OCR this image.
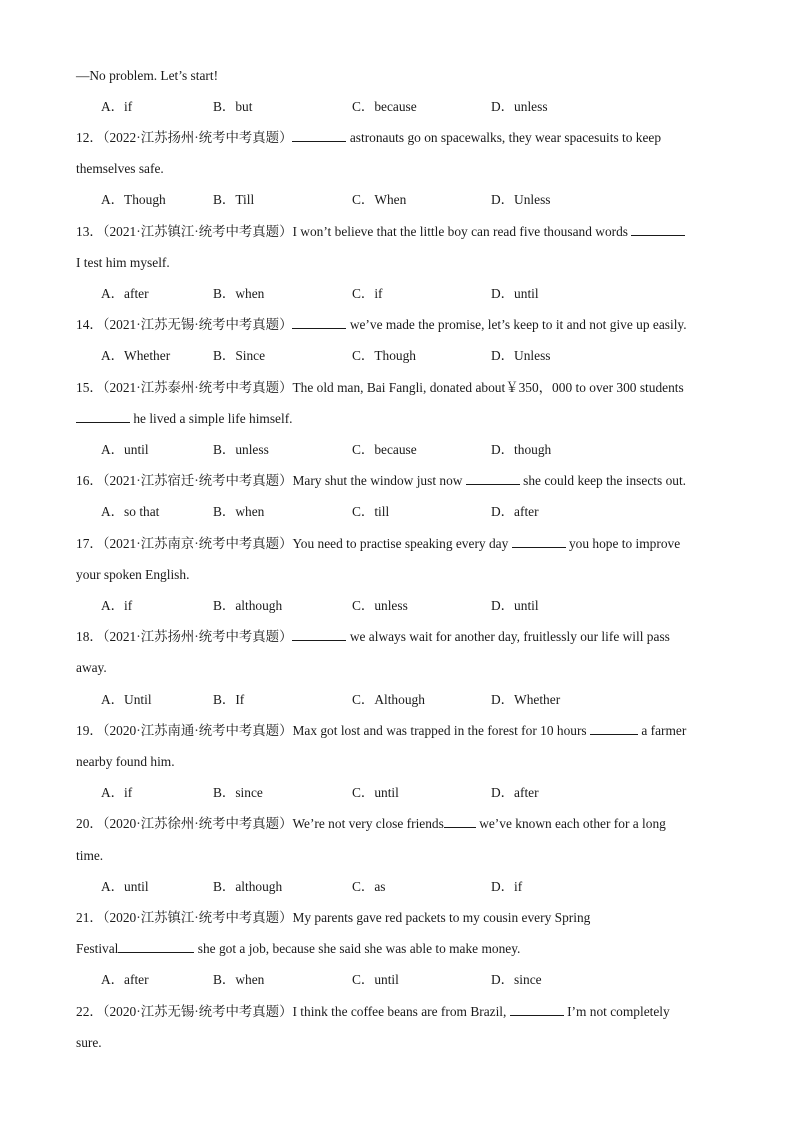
—No problem. Let’s start!
A．if	B．but	C．because	D．unless
12．（2022·江苏扬州·统考中考真题）	astronauts go on spacewalks, they wear spacesuits to keep
themselves safe.
A．Though	B．Till	C．When	D．Unless
13．（2021·江苏镇江·统考中考真题）I won’t believe that the little boy can read five thousand words
I test him myself.
A．after	B．when	C．if	D．until
14．（2021·江苏无锡·统考中考真题）	we’ve made the promise, let’s keep to it and not give up easily.
A．Whether	B．Since	C．Though	D．Unless
15．（2021·江苏泰州·统考中考真题）The old man, Bai Fangli, donated about￥350，000 to over 300 students
he lived a simple life himself.
A．until	B．unless	C．because	D．though
16．（2021·江苏宿迁·统考中考真题）Mary shut the window just now	she could keep the insects out.
A．so that	B．when	C．till	D．after
17．（2021·江苏南京·统考中考真题）You need to practise speaking every day	you hope to improve
your spoken English.
A．if	B．although	C．unless	D．until
18．（2021·江苏扬州·统考中考真题）	we always wait for another day, fruitlessly our life will pass
away.
A．Until	B．If	C．Although	D．Whether
19．（2020·江苏南通·统考中考真题）Max got lost and was trapped in the forest for 10 hours	a farmer
nearby found him.
A．if	B．since	C．until	D．after
20．（2020·江苏徐州·统考中考真题）We’re not very close friends we’ve known each other for a long
time.
A．until	B．although	C．as	D．if
21．（2020·江苏镇江·统考中考真题）My parents gave red packets to my cousin every Spring
Festival	she got a job, because she said she was able to make money.
A．after	B．when	C．until	D．since
22．（2020·江苏无锡·统考中考真题）I think the coffee beans are from Brazil,	I’m not completely
sure.
